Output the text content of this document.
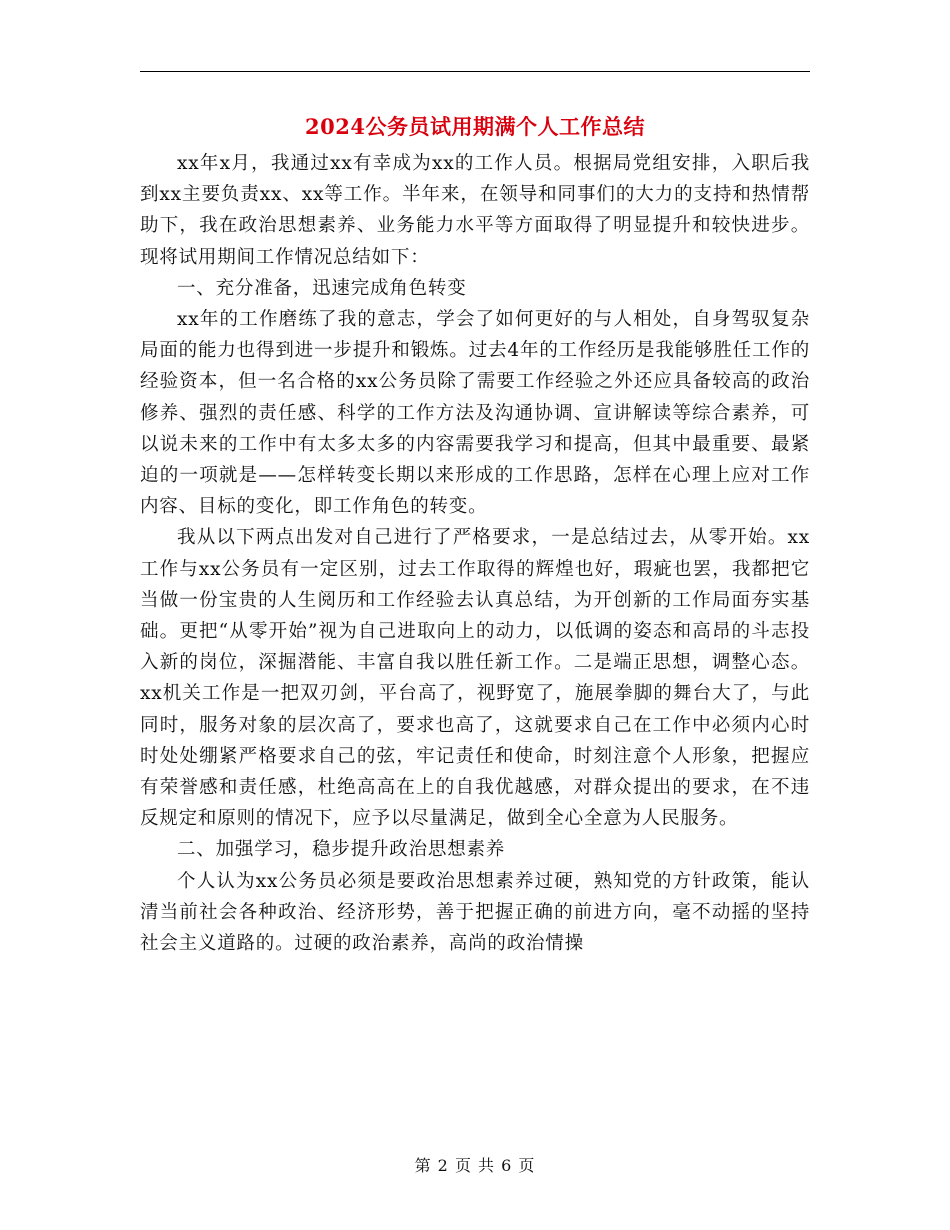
2024公务员试用期满个人工作总结

xx年x月，我通过xx有幸成为xx的工作人员。根据局党组安排，入职后我到xx主要负责xx、xx等工作。半年来，在领导和同事们的大力的支持和热情帮助下，我在政治思想素养、业务能力水平等方面取得了明显提升和较快进步。现将试用期间工作情况总结如下：

一、充分准备，迅速完成角色转变

xx年的工作磨练了我的意志，学会了如何更好的与人相处，自身驾驭复杂局面的能力也得到进一步提升和锻炼。过去4年的工作经历是我能够胜任工作的经验资本，但一名合格的xx公务员除了需要工作经验之外还应具备较高的政治修养、强烈的责任感、科学的工作方法及沟通协调、宣讲解读等综合素养，可以说未来的工作中有太多太多的内容需要我学习和提高，但其中最重要、最紧迫的一项就是——怎样转变长期以来形成的工作思路，怎样在心理上应对工作内容、目标的变化，即工作角色的转变。

我从以下两点出发对自己进行了严格要求，一是总结过去，从零开始。xx工作与xx公务员有一定区别，过去工作取得的辉煌也好，瑕疵也罢，我都把它当做一份宝贵的人生阅历和工作经验去认真总结，为开创新的工作局面夯实基础。更把“从零开始”视为自己进取向上的动力，以低调的姿态和高昂的斗志投入新的岗位，深掘潜能、丰富自我以胜任新工作。二是端正思想，调整心态。xx机关工作是一把双刃剑，平台高了，视野宽了，施展拳脚的舞台大了，与此同时，服务对象的层次高了，要求也高了，这就要求自己在工作中必须内心时时处处绷紧严格要求自己的弦，牢记责任和使命，时刻注意个人形象，把握应有荣誉感和责任感，杜绝高高在上的自我优越感，对群众提出的要求，在不违反规定和原则的情况下，应予以尽量满足，做到全心全意为人民服务。

二、加强学习，稳步提升政治思想素养

个人认为xx公务员必须是要政治思想素养过硬，熟知党的方针政策，能认清当前社会各种政治、经济形势，善于把握正确的前进方向，毫不动摇的坚持社会主义道路的。过硬的政治素养，高尚的政治情操

第 2 页 共 6 页
